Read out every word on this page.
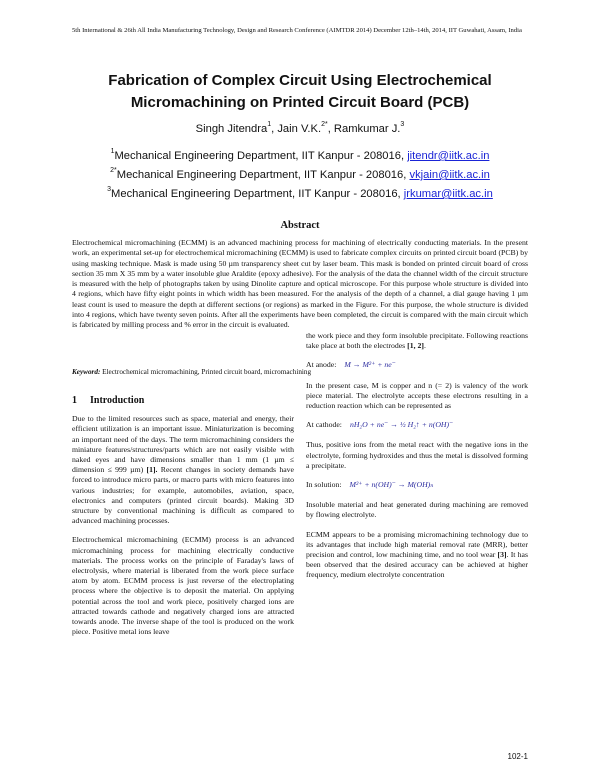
5th International & 26th All India Manufacturing Technology, Design and Research Conference (AIMTDR 2014) December 12th–14th, 2014, IIT Guwahati, Assam, India
Fabrication of Complex Circuit Using Electrochemical
Micromachining on Printed Circuit Board (PCB)
Singh Jitendra$^1$, Jain V.K.$^{2*}$, Ramkumar J.$^3$
$^1$Mechanical Engineering Department, IIT Kanpur - 208016, jitendr@iitk.ac.in
$^{2*}$Mechanical Engineering Department, IIT Kanpur - 208016, vkjain@iitk.ac.in
$^3$Mechanical Engineering Department, IIT Kanpur - 208016, jrkumar@iitk.ac.in
Abstract
Electrochemical micromachining (ECMM) is an advanced machining process for machining of electrically conducting materials. In the present work, an experimental set-up for electrochemical micromachining (ECMM) is used to fabricate complex circuits on printed circuit board (PCB) by using masking technique. Mask is made using 50 µm transparency sheet cut by laser beam. This mask is bonded on printed circuit board of cross section 35 mm X 35 mm by a water insoluble glue Araldite (epoxy adhesive). For the analysis of the data the channel width of the circuit structure is measured with the help of photographs taken by using Dinolite capture and optical microscope. For this purpose whole structure is divided into 4 regions, which have fifty eight points in which width has been measured. For the analysis of the depth of a channel, a dial gauge having 1 µm least count is used to measure the depth at different sections (or regions) as marked in the Figure. For this purpose, the whole structure is divided into 4 regions, which have twenty seven points. After all the experiments have been completed, the circuit is compared with the main circuit which is fabricated by milling process and % error in the circuit is evaluated.
Keyword: Electrochemical micromachining, Printed circuit board, micromachining
1 Introduction

Due to the limited resources such as space, material and energy, their efficient utilization is an important issue. Miniaturization is becoming an important need of the days. The term micromachining considers the miniature features/structures/parts which are not easily visible with naked eyes and have dimensions smaller than 1 mm (1 µm ≤ dimension ≤ 999 µm) [1]. Recent changes in society demands have forced to introduce micro parts, or macro parts with micro features into various industries; for example, automobiles, aviation, space, electronics and computers (printed circuit boards). Making 3D structure by conventional machining is difficult as compared to advanced machining processes.

Electrochemical micromachining (ECMM) process is an advanced micromachining process for machining electrically conductive materials. The process works on the principle of Faraday's laws of electrolysis, where material is liberated from the work piece surface atom by atom. ECMM process is just reverse of the electroplating process where the objective is to deposit the material. On applying potential across the tool and work piece, positively charged ions are attracted towards cathode and negatively charged ions are attracted towards anode. The inverse shape of the tool is produced on the work piece. Positive metal ions leave

the work piece and they form insoluble precipitate. Following reactions take place at both the electrodes [1, 2].

At anode: M → M²⁺ + ne⁻

In the present case, M is copper and n (= 2) is valency of the work piece material. The electrolyte accepts these electrons resulting in a reduction reaction which can be represented as

At cathode: nH₂O + ne⁻ → ½ H₂↑ + n(OH)⁻

Thus, positive ions from the metal react with the negative ions in the electrolyte, forming hydroxides and thus the metal is dissolved forming a precipitate.

In solution: M²⁺ + n(OH)⁻ → M(OH)ₙ

Insoluble material and heat generated during machining are removed by flowing electrolyte.

ECMM appears to be a promising micromachining technology due to its advantages that include high material removal rate (MRR), better precision and control, low machining time, and no tool wear [3]. It has been observed that the desired accuracy can be achieved at higher frequency, medium electrolyte concentration

102-1
